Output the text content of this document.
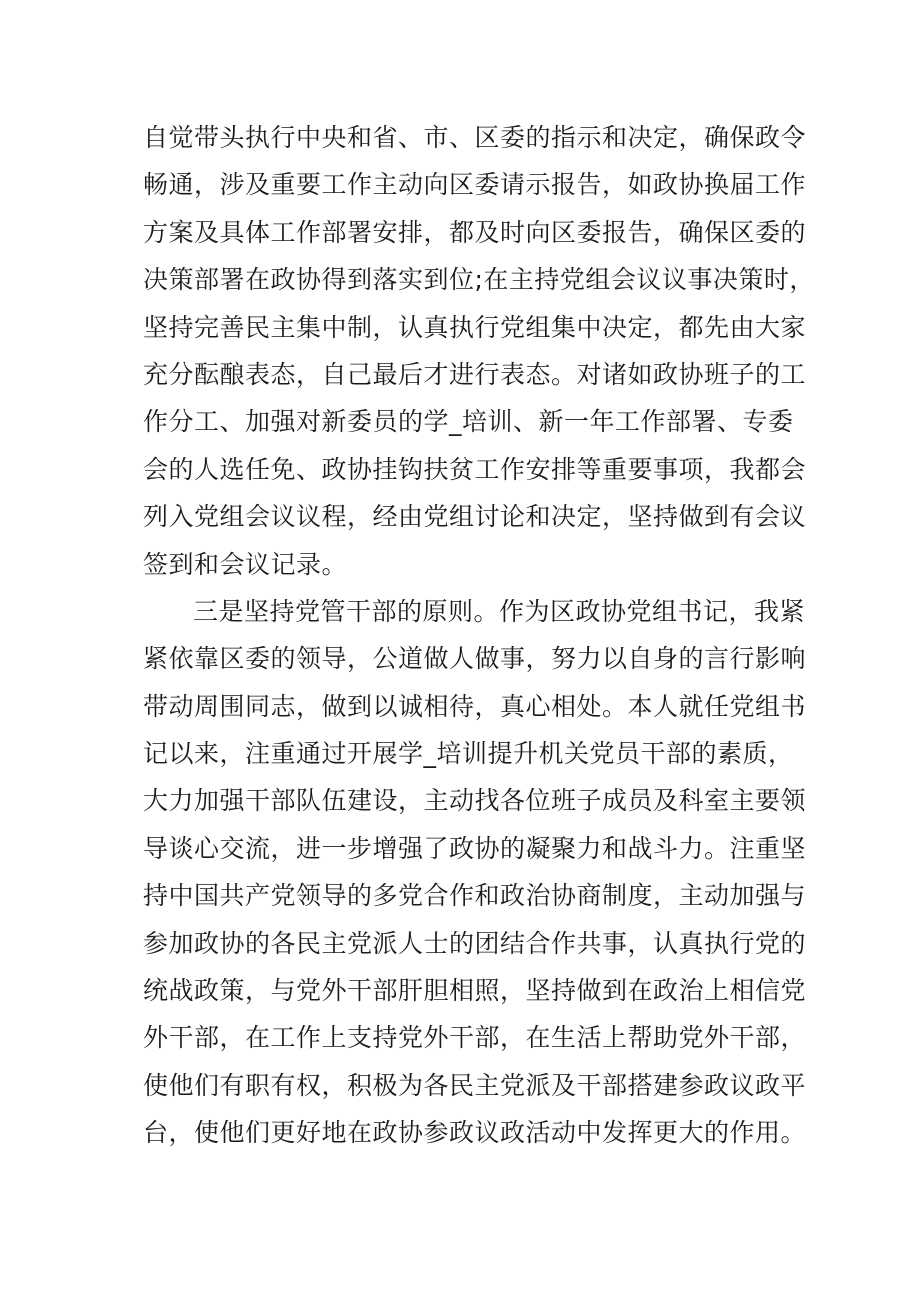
自觉带头执行中央和省、市、区委的指示和决定，确保政令
畅通，涉及重要工作主动向区委请示报告，如政协换届工作
方案及具体工作部署安排，都及时向区委报告，确保区委的
决策部署在政协得到落实到位;在主持党组会议议事决策时，
坚持完善民主集中制，认真执行党组集中决定，都先由大家
充分酝酿表态，自己最后才进行表态。对诸如政协班子的工
作分工、加强对新委员的学_培训、新一年工作部署、专委
会的人选任免、政协挂钩扶贫工作安排等重要事项，我都会
列入党组会议议程，经由党组讨论和决定，坚持做到有会议
签到和会议记录。
三是坚持党管干部的原则。作为区政协党组书记，我紧
紧依靠区委的领导，公道做人做事，努力以自身的言行影响
带动周围同志，做到以诚相待，真心相处。本人就任党组书
记以来，注重通过开展学_培训提升机关党员干部的素质，
大力加强干部队伍建设，主动找各位班子成员及科室主要领
导谈心交流，进一步增强了政协的凝聚力和战斗力。注重坚
持中国共产党领导的多党合作和政治协商制度，主动加强与
参加政协的各民主党派人士的团结合作共事，认真执行党的
统战政策，与党外干部肝胆相照，坚持做到在政治上相信党
外干部，在工作上支持党外干部，在生活上帮助党外干部，
使他们有职有权，积极为各民主党派及干部搭建参政议政平
台，使他们更好地在政协参政议政活动中发挥更大的作用。
